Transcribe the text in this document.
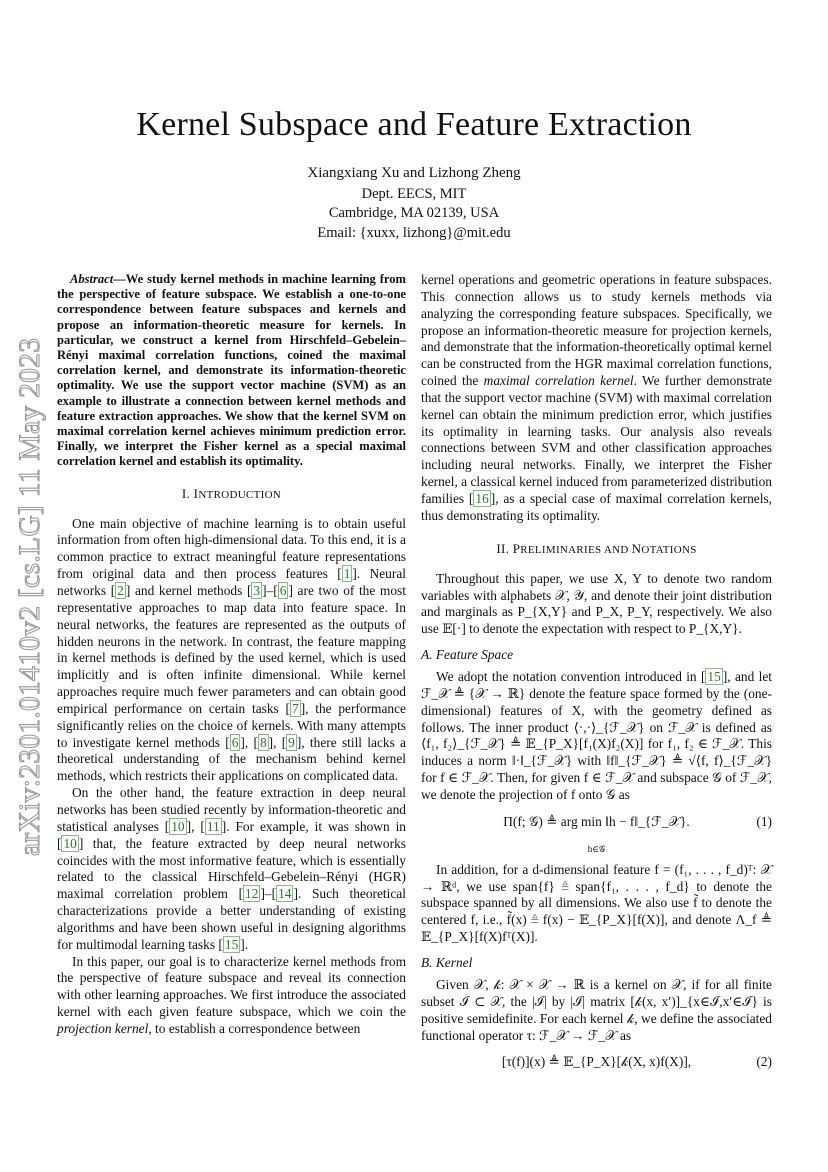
Kernel Subspace and Feature Extraction
Xiangxiang Xu and Lizhong Zheng
Dept. EECS, MIT
Cambridge, MA 02139, USA
Email: {xuxx, lizhong}@mit.edu
arXiv:2301.01410v2 [cs.LG] 11 May 2023

Abstract—We study kernel methods in machine learning from the perspective of feature subspace. We establish a one-to-one correspondence between feature subspaces and kernels and propose an information-theoretic measure for kernels. In particular, we construct a kernel from Hirschfeld–Gebelein–Rényi maximal correlation functions, coined the maximal correlation kernel, and demonstrate its information-theoretic optimality. We use the support vector machine (SVM) as an example to illustrate a connection between kernel methods and feature extraction approaches. We show that the kernel SVM on maximal correlation kernel achieves minimum prediction error. Finally, we interpret the Fisher kernel as a special maximal correlation kernel and establish its optimality.

I. INTRODUCTION

One main objective of machine learning is to obtain useful information from often high-dimensional data. To this end, it is a common practice to extract meaningful feature representations from original data and then process features [ 1 ]. Neural networks [ 2 ] and kernel methods [ 3 ]–[ 6 ] are two of the most representative approaches to map data into feature space. In neural networks, the features are represented as the outputs of hidden neurons in the network. In contrast, the feature mapping in kernel methods is defined by the used kernel, which is used implicitly and is often infinite dimensional. While kernel approaches require much fewer parameters and can obtain good empirical performance on certain tasks [ 7 ], the performance significantly relies on the choice of kernels. With many attempts to investigate kernel methods [ 6 ], [ 8 ], [ 9 ], there still lacks a theoretical understanding of the mechanism behind kernel methods, which restricts their applications on complicated data.

On the other hand, the feature extraction in deep neural networks has been studied recently by information-theoretic and statistical analyses [ 10 ], [ 11 ]. For example, it was shown in [ 10 ] that, the feature extracted by deep neural networks coincides with the most informative feature, which is essentially related to the classical Hirschfeld–Gebelein–Rényi (HGR) maximal correlation problem [ 12 ]–[ 14 ]. Such theoretical characterizations provide a better understanding of existing algorithms and have been shown useful in designing algorithms for multimodal learning tasks [ 15 ].

In this paper, our goal is to characterize kernel methods from the perspective of feature subspace and reveal its connection with other learning approaches. We first introduce the associated kernel with each given feature subspace, which we coin the projection kernel, to establish a correspondence between

kernel operations and geometric operations in feature subspaces. This connection allows us to study kernels methods via analyzing the corresponding feature subspaces. Specifically, we propose an information-theoretic measure for projection kernels, and demonstrate that the information-theoretically optimal kernel can be constructed from the HGR maximal correlation functions, coined the maximal correlation kernel. We further demonstrate that the support vector machine (SVM) with maximal correlation kernel can obtain the minimum prediction error, which justifies its optimality in learning tasks. Our analysis also reveals connections between SVM and other classification approaches including neural networks. Finally, we interpret the Fisher kernel, a classical kernel induced from parameterized distribution families [ 16 ], as a special case of maximal correlation kernels, thus demonstrating its optimality.

II. PRELIMINARIES AND NOTATIONS

Throughout this paper, we use X, Y to denote two random variables with alphabets 𝒳, 𝒴, and denote their joint distribution and marginals as P_{X,Y} and P_X, P_Y, respectively. We also use 𝔼[·] to denote the expectation with respect to P_{X,Y}.

A. Feature Space

We adopt the notation convention introduced in [ 15 ], and let ℱ_𝒳 ≜ {𝒳 → ℝ} denote the feature space formed by the (one-dimensional) features of X, with the geometry defined as follows. The inner product ⟨·,·⟩_{ℱ_𝒳} on ℱ_𝒳 is defined as ⟨f₁, f₂⟩_{ℱ_𝒳} ≜ 𝔼_{P_X}[f₁(X)f₂(X)] for f₁, f₂ ∈ ℱ_𝒳. This induces a norm ‖·‖_{ℱ_𝒳} with ‖f‖_{ℱ_𝒳} ≜ √⟨f, f⟩_{ℱ_𝒳} for f ∈ ℱ_𝒳. Then, for given f ∈ ℱ_𝒳 and subspace 𝒢 of ℱ_𝒳, we denote the projection of f onto 𝒢 as

Π(f; 𝒢) ≜ arg min ‖h − f‖_{ℱ_𝒳}.
h∈𝒢
(1)

In addition, for a d-dimensional feature f = (f₁, . . . , f_d)ᵀ: 𝒳 → ℝᵈ, we use span{f} ≜ span{f₁, . . . , f_d} to denote the subspace spanned by all dimensions. We also use f̃ to denote the centered f, i.e., f̃(x) ≜ f(x) − 𝔼_{P_X}[f(X)], and denote Λ_f ≜ 𝔼_{P_X}[f(X)fᵀ(X)].

B. Kernel

Given 𝒳, 𝓀: 𝒳 × 𝒳 → ℝ is a kernel on 𝒳, if for all finite subset ℐ ⊂ 𝒳, the |ℐ| by |ℐ| matrix [𝓀(x, x′)]_{x∈ℐ,x′∈ℐ} is positive semidefinite. For each kernel 𝓀, we define the associated functional operator τ: ℱ_𝒳 → ℱ_𝒳 as

[τ(f)](x) ≜ 𝔼_{P_X}[𝓀(X, x)f(X)],	(2)
